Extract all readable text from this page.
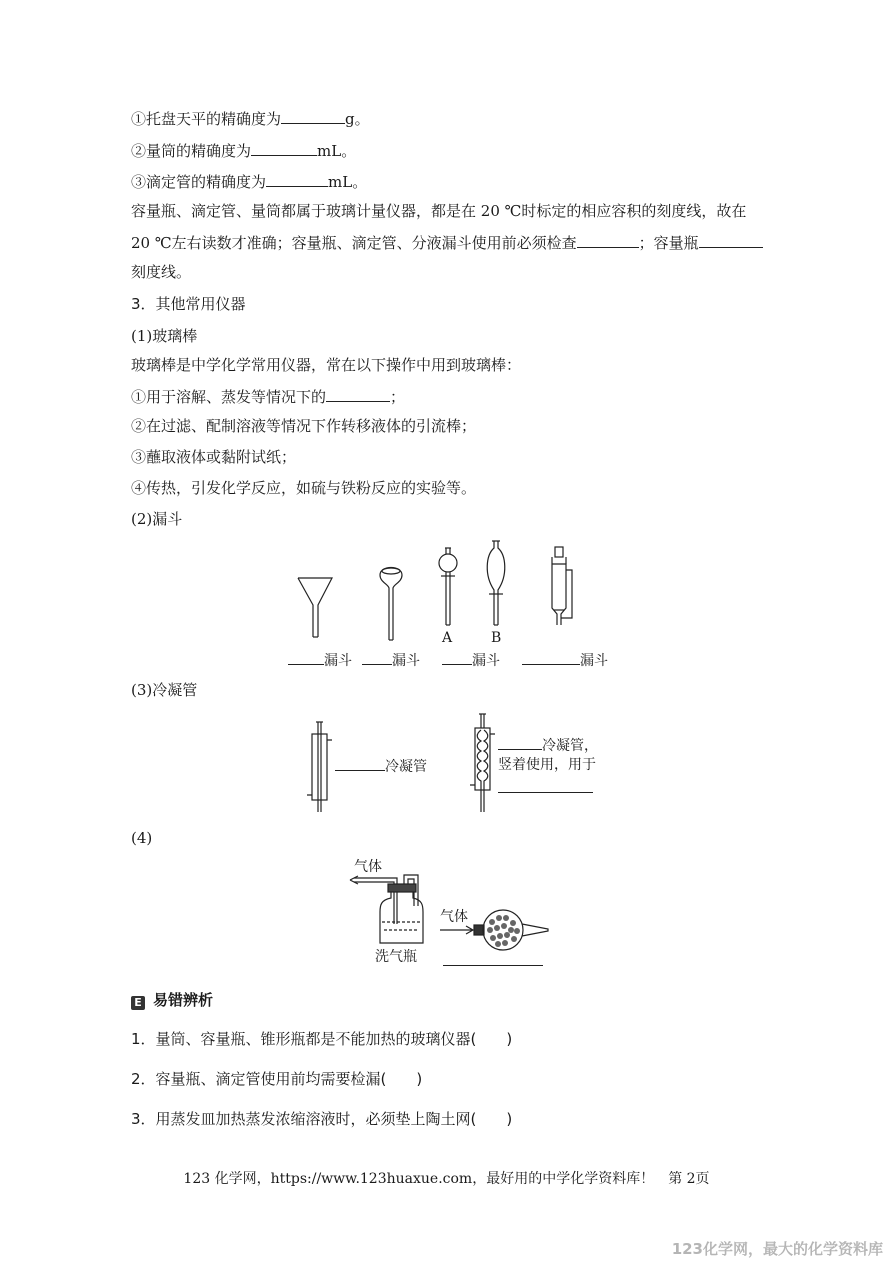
①托盘天平的精确度为	g。
②量筒的精确度为	mL。
③滴定管的精确度为	mL。
容量瓶、滴定管、量筒都属于玻璃计量仪器，都是在 20 ℃时标定的相应容积的刻度线，故在
20 ℃左右读数才准确；容量瓶、滴定管、分液漏斗使用前必须检查	；容量瓶
刻度线。
3．其他常用仪器
(1)玻璃棒
玻璃棒是中学化学常用仪器，常在以下操作中用到玻璃棒：
①用于溶解、蒸发等情况下的	；
②在过滤、配制溶液等情况下作转移液体的引流棒；
③蘸取液体或黏附试纸；
④传热，引发化学反应，如硫与铁粉反应的实验等。
(2)漏斗
A	B
漏斗	漏斗	漏斗	漏斗
(3)冷凝管
冷凝管
冷凝管，
竖着使用，用于
(4)
气体
气体
洗气瓶
E 易错辨析
1．量筒、容量瓶、锥形瓶都是不能加热的玻璃仪器(　　)
2．容量瓶、滴定管使用前均需要检漏(　　)
3．用蒸发皿加热蒸发浓缩溶液时，必须垫上陶土网(　　)
123 化学网，https://www.123huaxue.com，最好用的中学化学资料库！　第 2页
123化学网，最大的化学资料库
